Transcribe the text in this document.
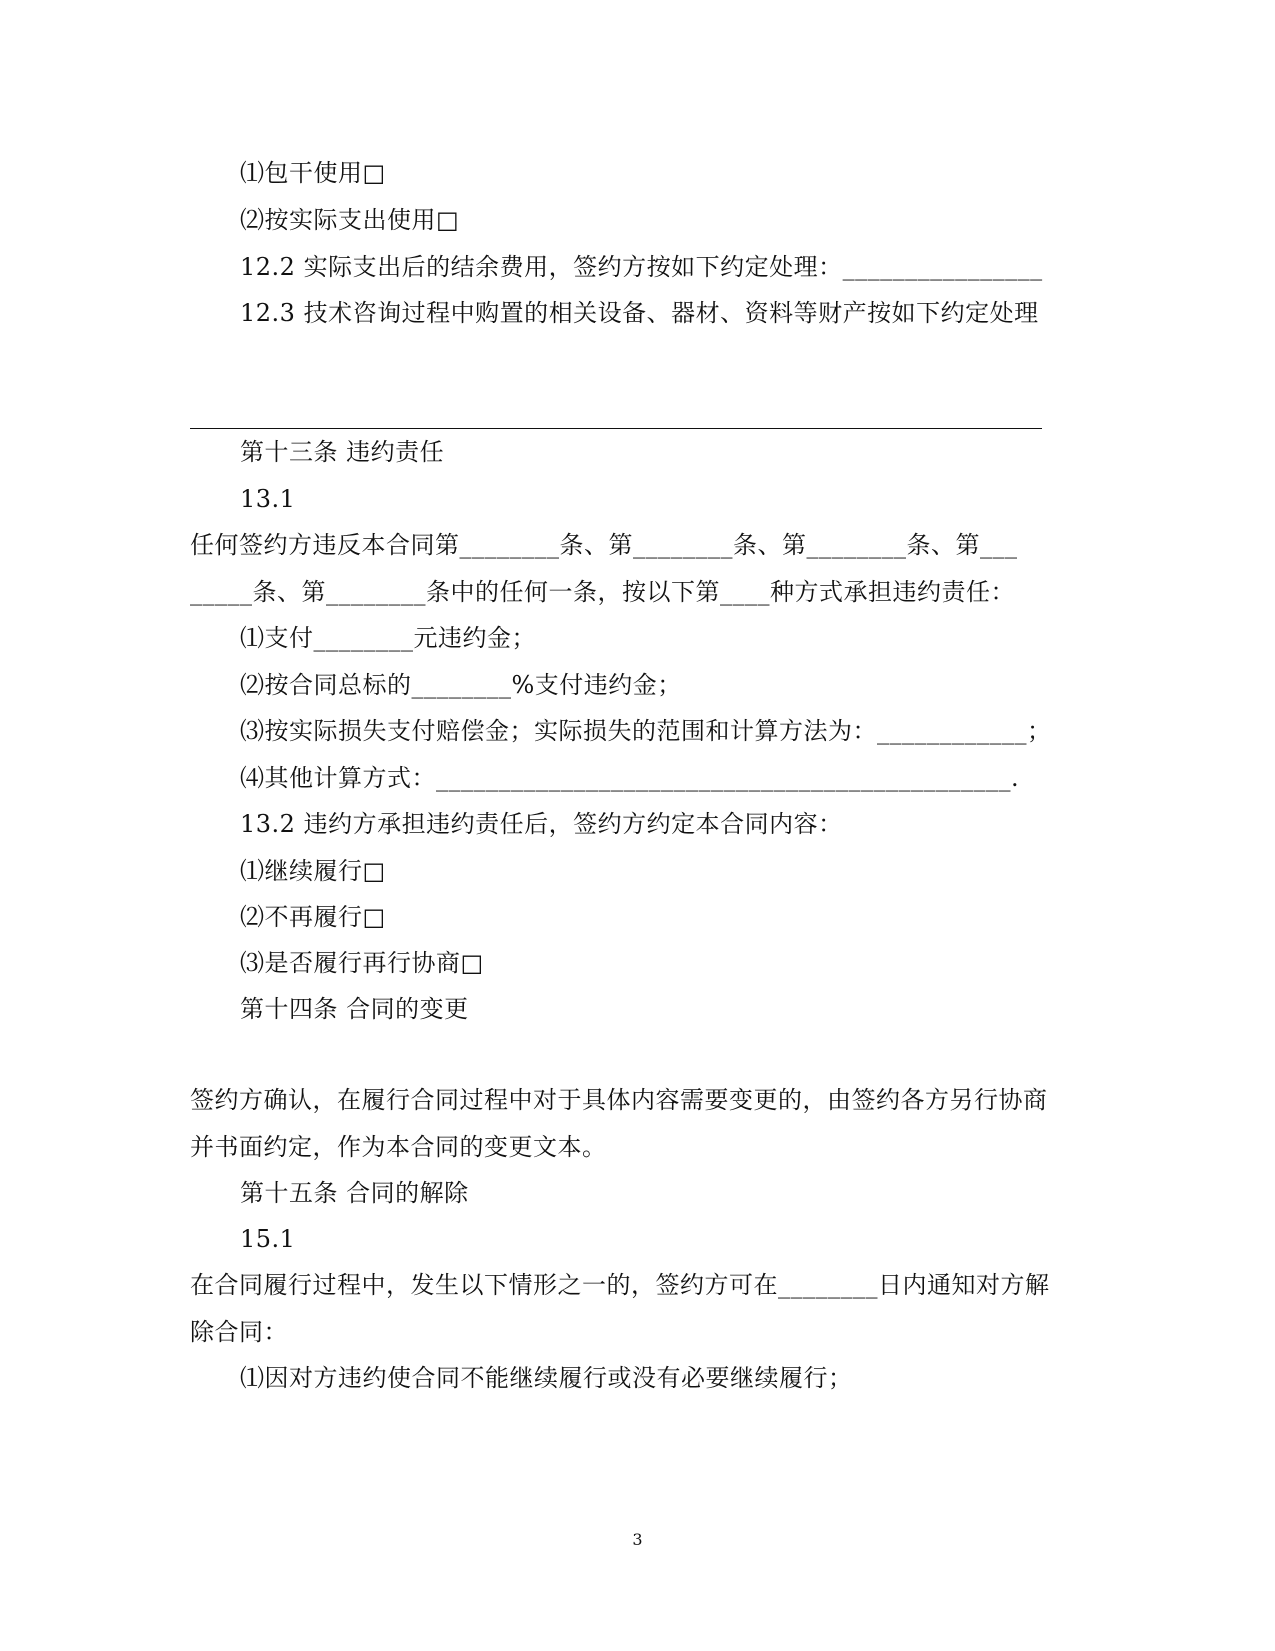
⑴包干使用□
⑵按实际支出使用□
12.2 实际支出后的结余费用，签约方按如下约定处理：________________
12.3 技术咨询过程中购置的相关设备、器材、资料等财产按如下约定处理
第十三条 违约责任
13.1
任何签约方违反本合同第________条、第________条、第________条、第___
_____条、第________条中的任何一条，按以下第____种方式承担违约责任：
⑴支付________元违约金；
⑵按合同总标的________%支付违约金；
⑶按实际损失支付赔偿金；实际损失的范围和计算方法为：____________；
⑷其他计算方式：______________________________________________.
13.2 违约方承担违约责任后，签约方约定本合同内容：
⑴继续履行□
⑵不再履行□
⑶是否履行再行协商□
第十四条 合同的变更
签约方确认，在履行合同过程中对于具体内容需要变更的，由签约各方另行协商
并书面约定，作为本合同的变更文本。
第十五条 合同的解除
15.1
在合同履行过程中，发生以下情形之一的，签约方可在________日内通知对方解
除合同：
⑴因对方违约使合同不能继续履行或没有必要继续履行；
3
